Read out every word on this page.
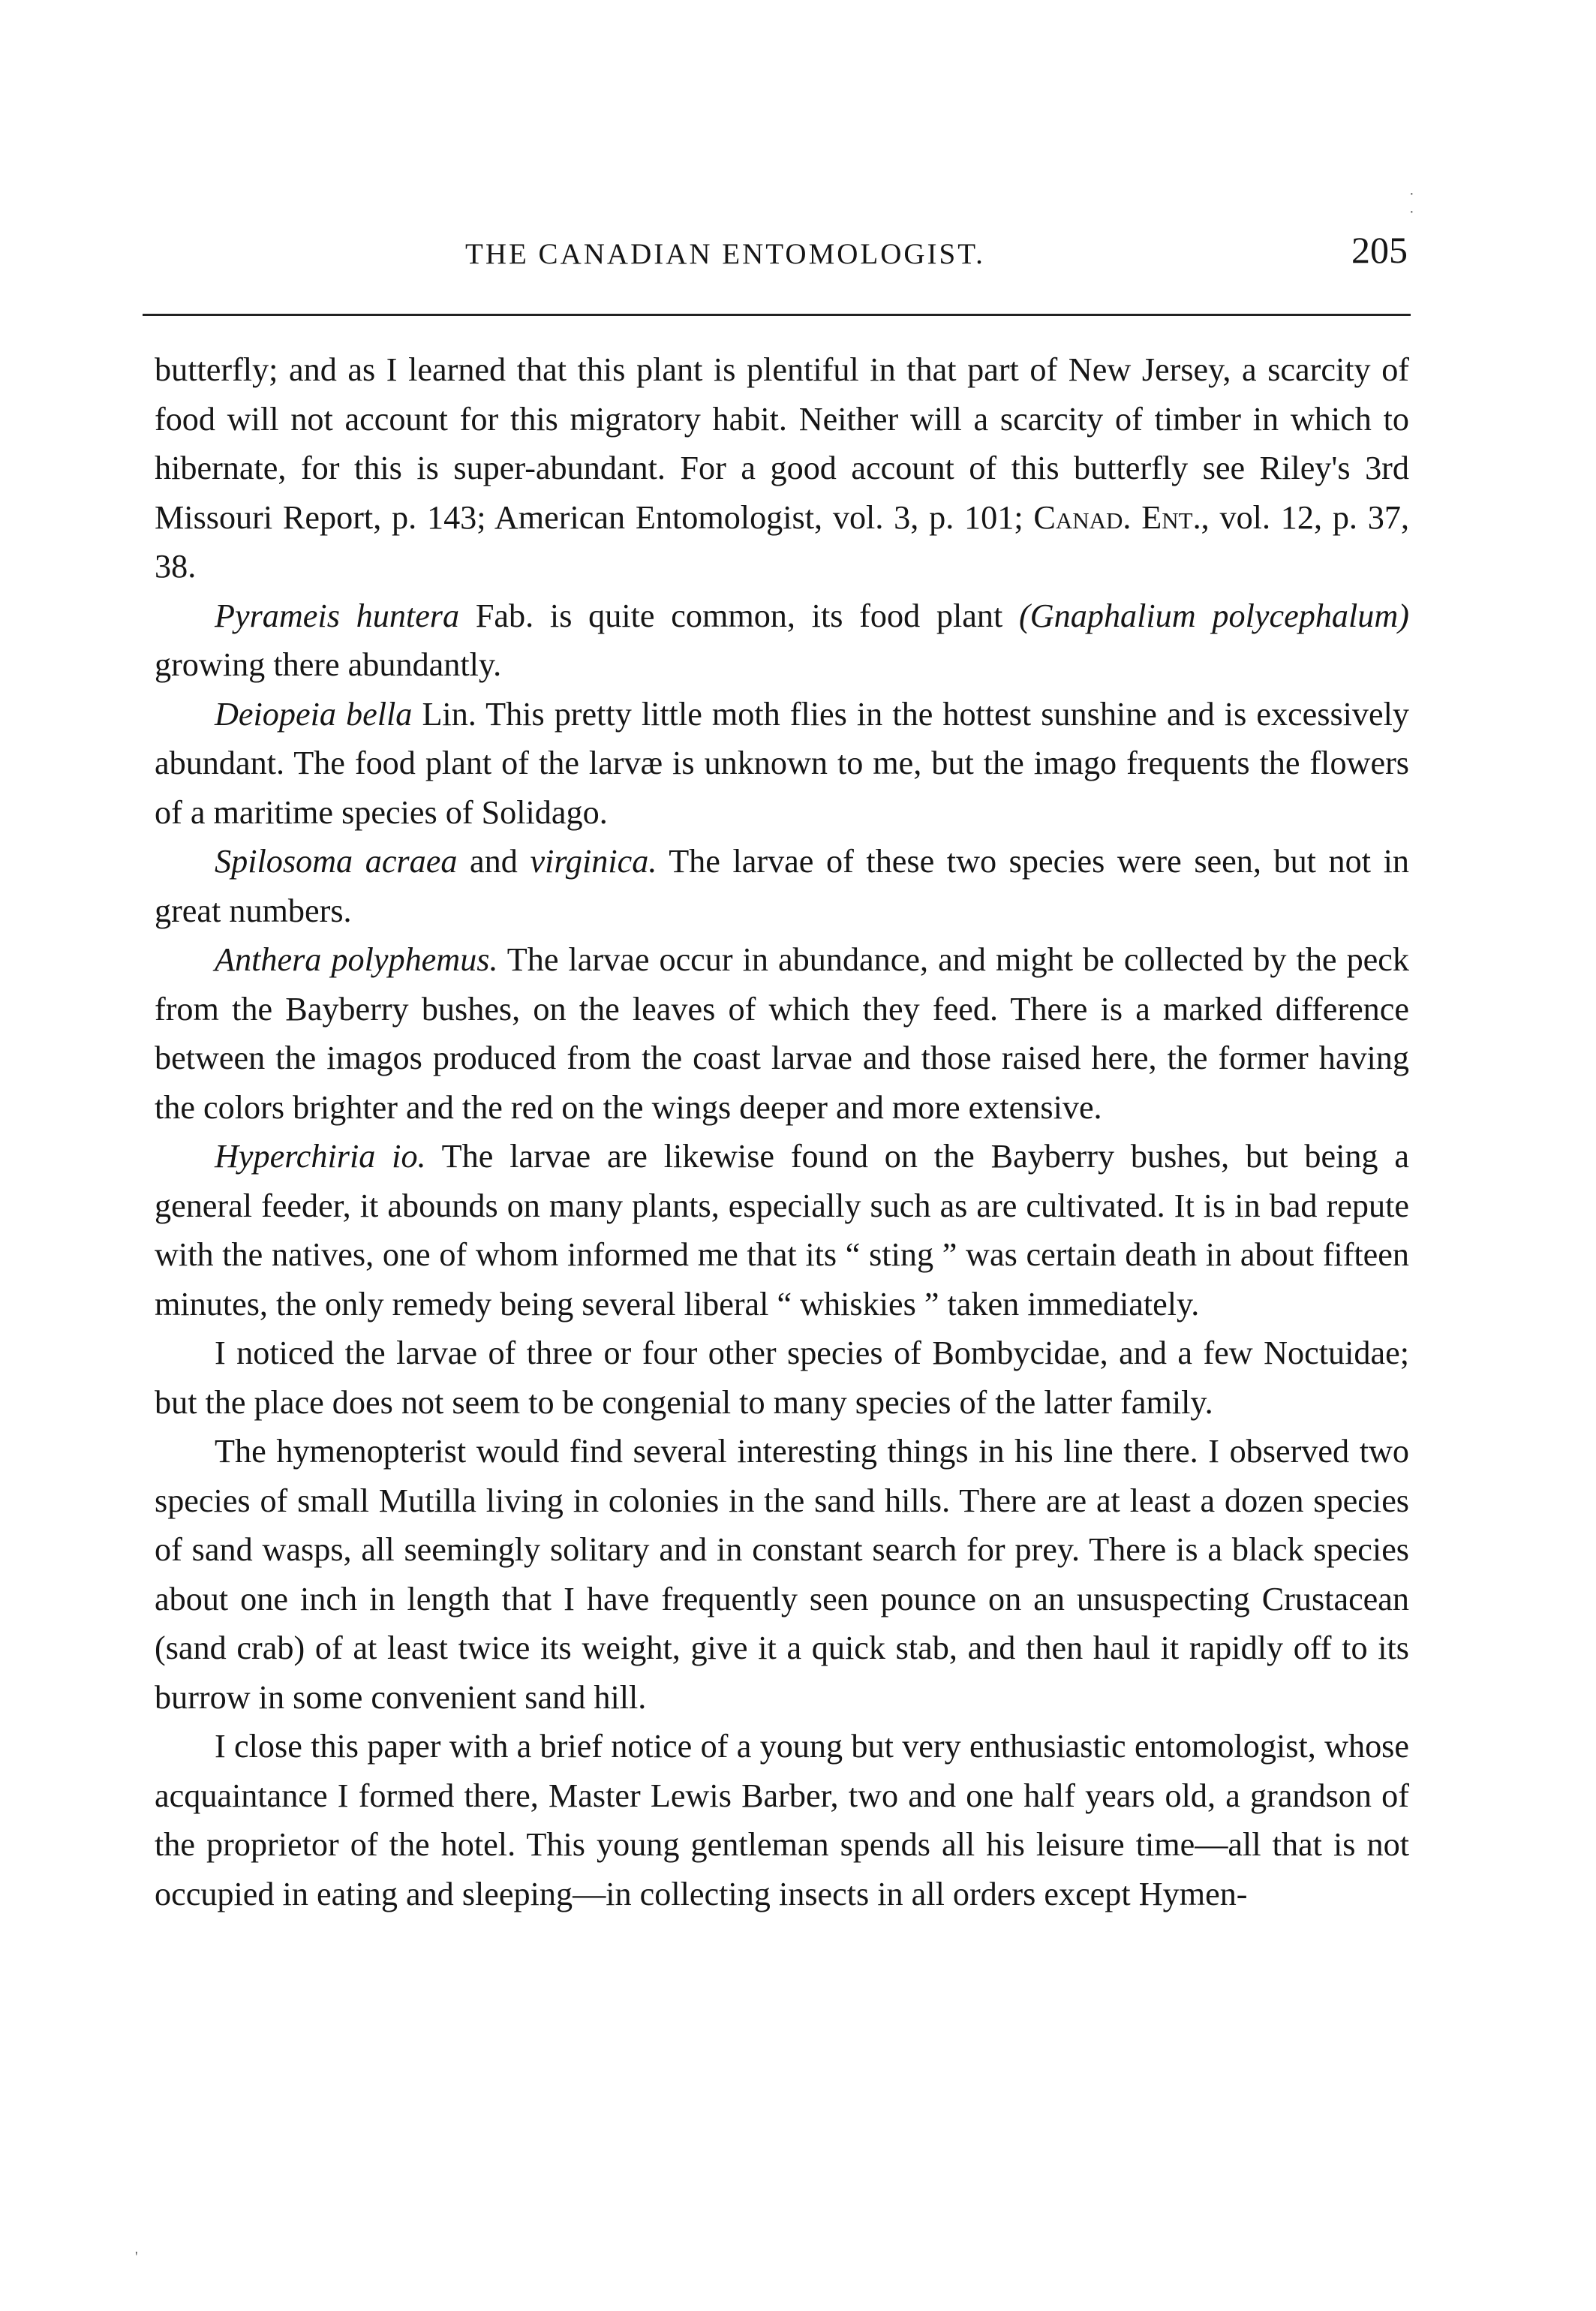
THE CANADIAN ENTOMOLOGIST.	205
·
·

butterfly; and as I learned that this plant is plentiful in that part of New Jersey, a scarcity of food will not account for this migratory habit. Neither will a scarcity of timber in which to hibernate, for this is super-abundant. For a good account of this butterfly see Riley's 3rd Missouri Report, p. 143; American Entomologist, vol. 3, p. 101; Canad. Ent., vol. 12, p. 37, 38.

Pyrameis huntera Fab. is quite common, its food plant (Gnaphalium polycephalum) growing there abundantly.

Deiopeia bella Lin. This pretty little moth flies in the hottest sunshine and is excessively abundant. The food plant of the larvæ is unknown to me, but the imago frequents the flowers of a maritime species of Solidago.

Spilosoma acraea and virginica. The larvae of these two species were seen, but not in great numbers.

Anthera polyphemus. The larvae occur in abundance, and might be collected by the peck from the Bayberry bushes, on the leaves of which they feed. There is a marked difference between the imagos produced from the coast larvae and those raised here, the former having the colors brighter and the red on the wings deeper and more extensive.

Hyperchiria io. The larvae are likewise found on the Bayberry bushes, but being a general feeder, it abounds on many plants, especially such as are cultivated. It is in bad repute with the natives, one of whom informed me that its “ sting ” was certain death in about fifteen minutes, the only remedy being several liberal “ whiskies ” taken immediately.

I noticed the larvae of three or four other species of Bombycidae, and a few Noctuidae; but the place does not seem to be congenial to many species of the latter family.

The hymenopterist would find several interesting things in his line there. I observed two species of small Mutilla living in colonies in the sand hills. There are at least a dozen species of sand wasps, all seemingly solitary and in constant search for prey. There is a black species about one inch in length that I have frequently seen pounce on an unsuspecting Crustacean (sand crab) of at least twice its weight, give it a quick stab, and then haul it rapidly off to its burrow in some convenient sand hill.

I close this paper with a brief notice of a young but very enthusiastic entomologist, whose acquaintance I formed there, Master Lewis Barber, two and one half years old, a grandson of the proprietor of the hotel. This young gentleman spends all his leisure time—all that is not occupied in eating and sleeping—in collecting insects in all orders except Hymen-

'
